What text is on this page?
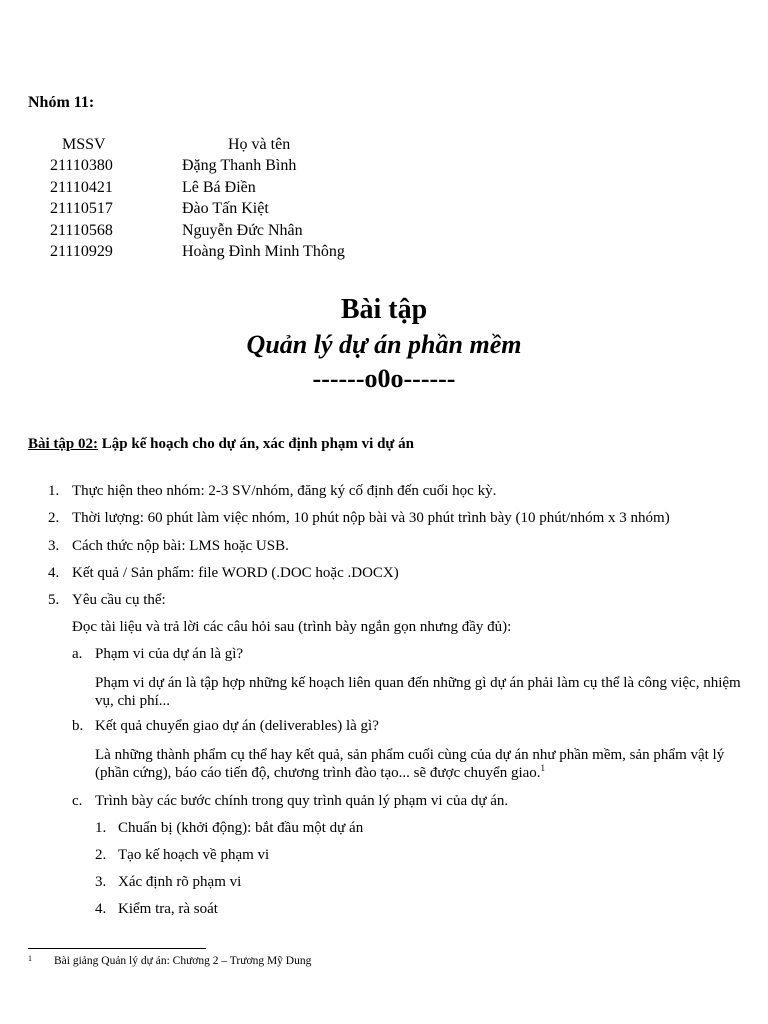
Nhóm 11:
MSSV	Họ và tên
21110380	Đặng Thanh Bình
21110421	Lê Bá Điền
21110517	Đào Tấn Kiệt
21110568	Nguyễn Đức Nhân
21110929	Hoàng Đình Minh Thông
Bài tập
Quản lý dự án phần mềm
------o0o------
Bài tập 02: Lập kế hoạch cho dự án, xác định phạm vi dự án
1. Thực hiện theo nhóm: 2-3 SV/nhóm, đăng ký cố định đến cuối học kỳ.
2. Thời lượng: 60 phút làm việc nhóm, 10 phút nộp bài và 30 phút trình bày (10 phút/nhóm x 3 nhóm)
3. Cách thức nộp bài: LMS hoặc USB.
4. Kết quả / Sản phẩm: file WORD (.DOC hoặc .DOCX)
5. Yêu cầu cụ thể:
Đọc tài liệu và trả lời các câu hỏi sau (trình bày ngắn gọn nhưng đầy đủ):
a. Phạm vi của dự án là gì?
Phạm vi dự án là tập hợp những kế hoạch liên quan đến những gì dự án phải làm cụ thể là công việc, nhiệm vụ, chi phí...
b. Kết quả chuyển giao dự án (deliverables) là gì?
Là những thành phẩm cụ thể hay kết quả, sản phẩm cuối cùng của dự án như phần mềm, sản phẩm vật lý (phần cứng), báo cáo tiến độ, chương trình đào tạo... sẽ được chuyển giao.$^1$
c. Trình bày các bước chính trong quy trình quản lý phạm vi của dự án.
1. Chuẩn bị (khởi động): bắt đầu một dự án
2. Tạo kế hoạch về phạm vi
3. Xác định rõ phạm vi
4. Kiểm tra, rà soát
1 Bài giảng Quản lý dự án: Chương 2 – Trương Mỹ Dung
